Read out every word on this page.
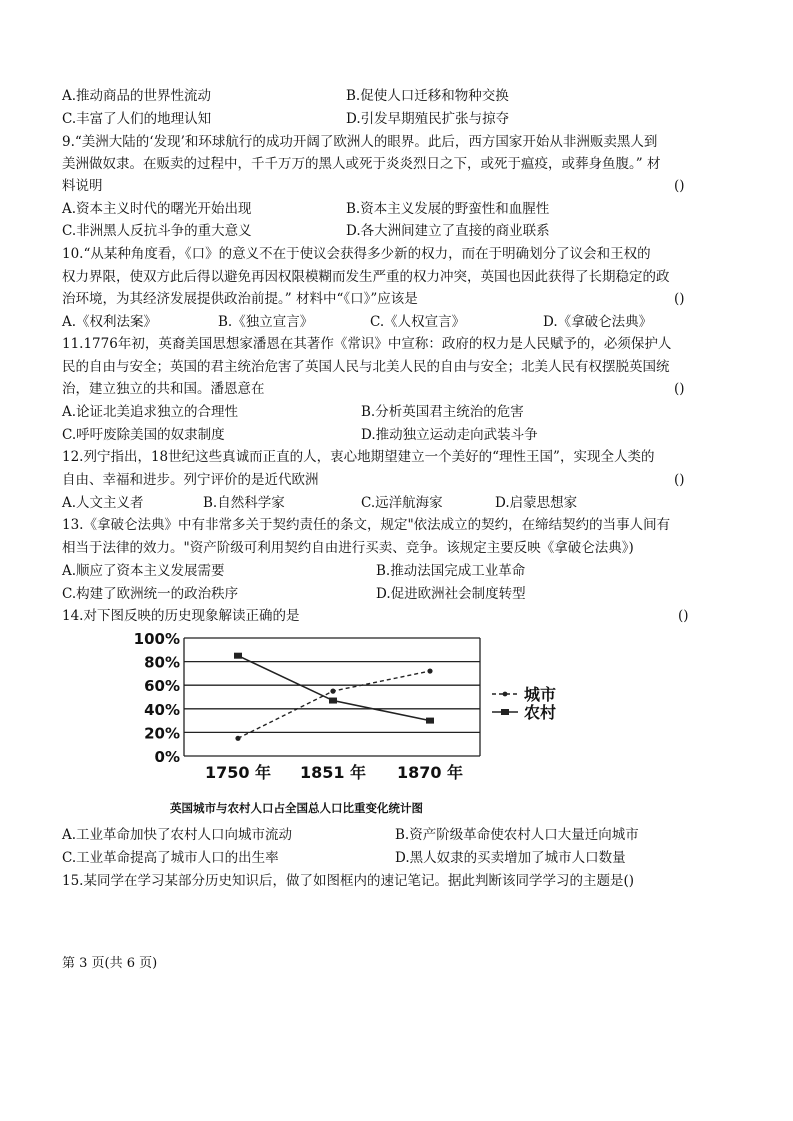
A.推动商品的世界性流动	B.促使人口迁移和物种交换
C.丰富了人们的地理认知	D.引发早期殖民扩张与掠夺
9.“美洲大陆的‘发现’和环球航行的成功开阔了欧洲人的眼界。此后，西方国家开始从非洲贩卖黑人到
美洲做奴隶。在贩卖的过程中，千千万万的黑人或死于炎炎烈日之下，或死于瘟疫，或葬身鱼腹。” 材
料说明	()
A.资本主义时代的曙光开始出现	B.资本主义发展的野蛮性和血腥性
C.非洲黑人反抗斗争的重大意义	D.各大洲间建立了直接的商业联系
10.“从某种角度看，《口》的意义不在于使议会获得多少新的权力，而在于明确划分了议会和王权的
权力界限，使双方此后得以避免再因权限模糊而发生严重的权力冲突，英国也因此获得了长期稳定的政
治环境，为其经济发展提供政治前提。” 材料中“《口》”应该是	()
A.《权利法案》	B.《独立宣言》	C.《人权宣言》	D.《拿破仑法典》
11.1776年初，英裔美国思想家潘恩在其著作《常识》中宣称：政府的权力是人民赋予的，必须保护人
民的自由与安全；英国的君主统治危害了英国人民与北美人民的自由与安全；北美人民有权摆脱英国统
治，建立独立的共和国。潘恩意在	()
A.论证北美追求独立的合理性	B.分析英国君主统治的危害
C.呼吁废除美国的奴隶制度	D.推动独立运动走向武装斗争
12.列宁指出，18世纪这些真诚而正直的人，衷心地期望建立一个美好的“理性王国”，实现全人类的
自由、幸福和进步。列宁评价的是近代欧洲	()
A.人文主义者	B.自然科学家	C.远洋航海家	D.启蒙思想家
13.《拿破仑法典》中有非常多关于契约责任的条文，规定"依法成立的契约，在缔结契约的当事人间有
相当于法律的效力。"资产阶级可利用契约自由进行买卖、竞争。该规定主要反映《拿破仑法典》)
A.顺应了资本主义发展需要	B.推动法国完成工业革命
C.构建了欧洲统一的政治秩序	D.促进欧洲社会制度转型
14.对下图反映的历史现象解读正确的是	()
100%
80%
60%
40%
20%
0%
1750 年 1851 年 1870 年
城市
农村
英国城市与农村人口占全国总人口比重变化统计图
A.工业革命加快了农村人口向城市流动	B.资产阶级革命使农村人口大量迁向城市
C.工业革命提高了城市人口的出生率	D.黑人奴隶的买卖增加了城市人口数量
15.某同学在学习某部分历史知识后，做了如图框内的速记笔记。据此判断该同学学习的主题是()
第 3 页(共 6 页)
